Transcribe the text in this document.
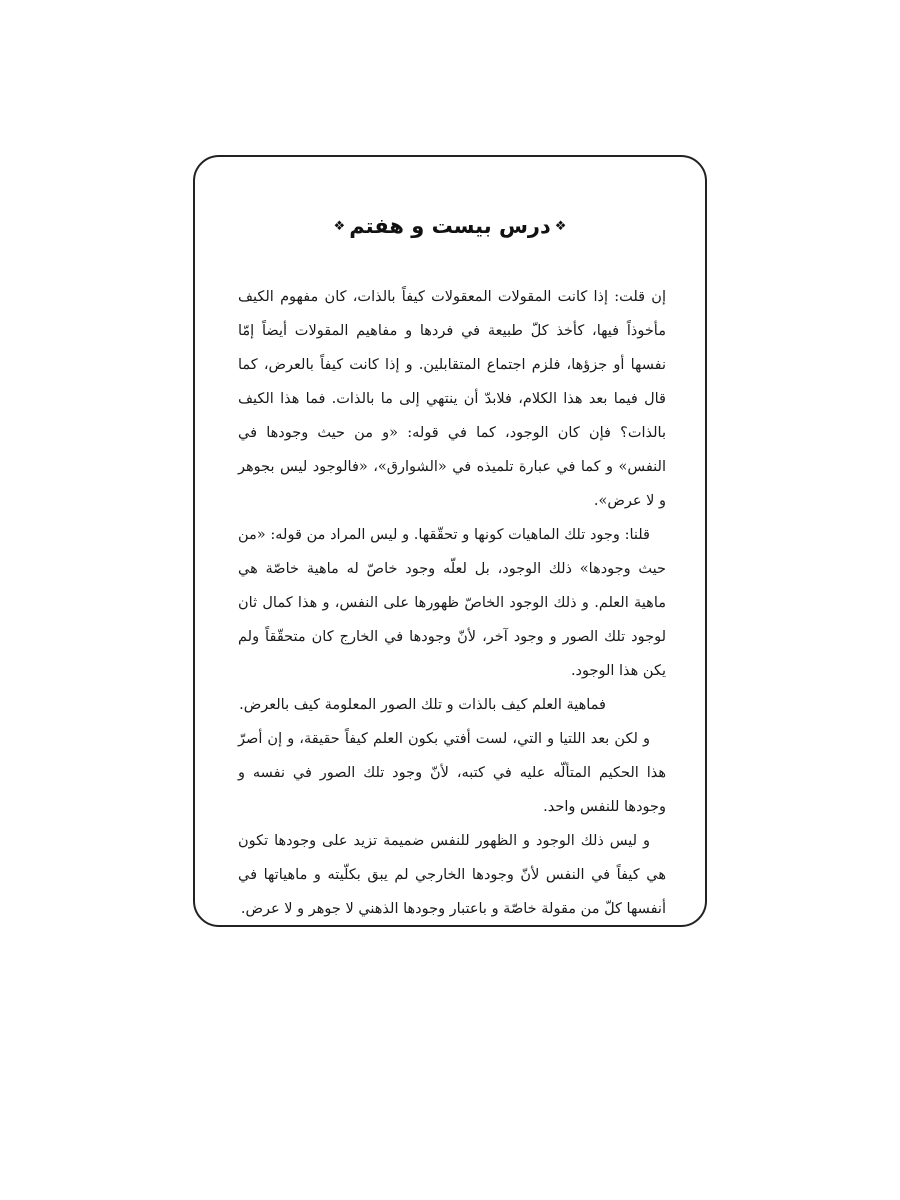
❖درس بیست و هفتم❖

إن قلت: إذا كانت المقولات المعقولات كيفاً بالذات، كان مفهوم الكيف مأخوذاً فيها، كأخذ كلّ طبيعة في فردها و مفاهيم المقولات أيضاً إمّا نفسها أو جزؤها، فلزم اجتماع المتقابلين. و إذا كانت كيفاً بالعرض، كما قال فيما بعد هذا الكلام، فلابدّ أن ينتهي إلى ما بالذات. فما هذا الكيف بالذات؟ فإن كان الوجود، كما في قوله: «و من حيث وجودها في النفس» و كما في عبارة تلميذه في «الشوارق»، «فالوجود ليس بجوهر و لا عرض».

قلنا: وجود تلك الماهيات كونها و تحقّقها. و ليس المراد من قوله: «من حيث وجودها» ذلك الوجود، بل لعلّه وجود خاصّ له ماهية خاصّة هي ماهية العلم. و ذلك الوجود الخاصّ ظهورها على النفس، و هذا كمال ثان لوجود تلك الصور و وجود آخر، لأنّ وجودها في الخارج كان متحقّقاً ولم يكن هذا الوجود.

فماهية العلم كيف بالذات و تلك الصور المعلومة كيف بالعرض.

و لكن بعد اللتيا و التي، لست أفتي بكون العلم كيفاً حقيقة، و إن أصرّ هذا الحكيم المتألّه عليه في كتبه، لأنّ وجود تلك الصور في نفسه و وجودها للنفس واحد.

و ليس ذلك الوجود و الظهور للنفس ضميمة تزيد على وجودها تكون هي كيفاً في النفس لأنّ وجودها الخارجي لم يبق بكلّيته و ماهياتها في أنفسها كلّ من مقولة خاصّة و باعتبار وجودها الذهني لا جوهر و لا عرض.
